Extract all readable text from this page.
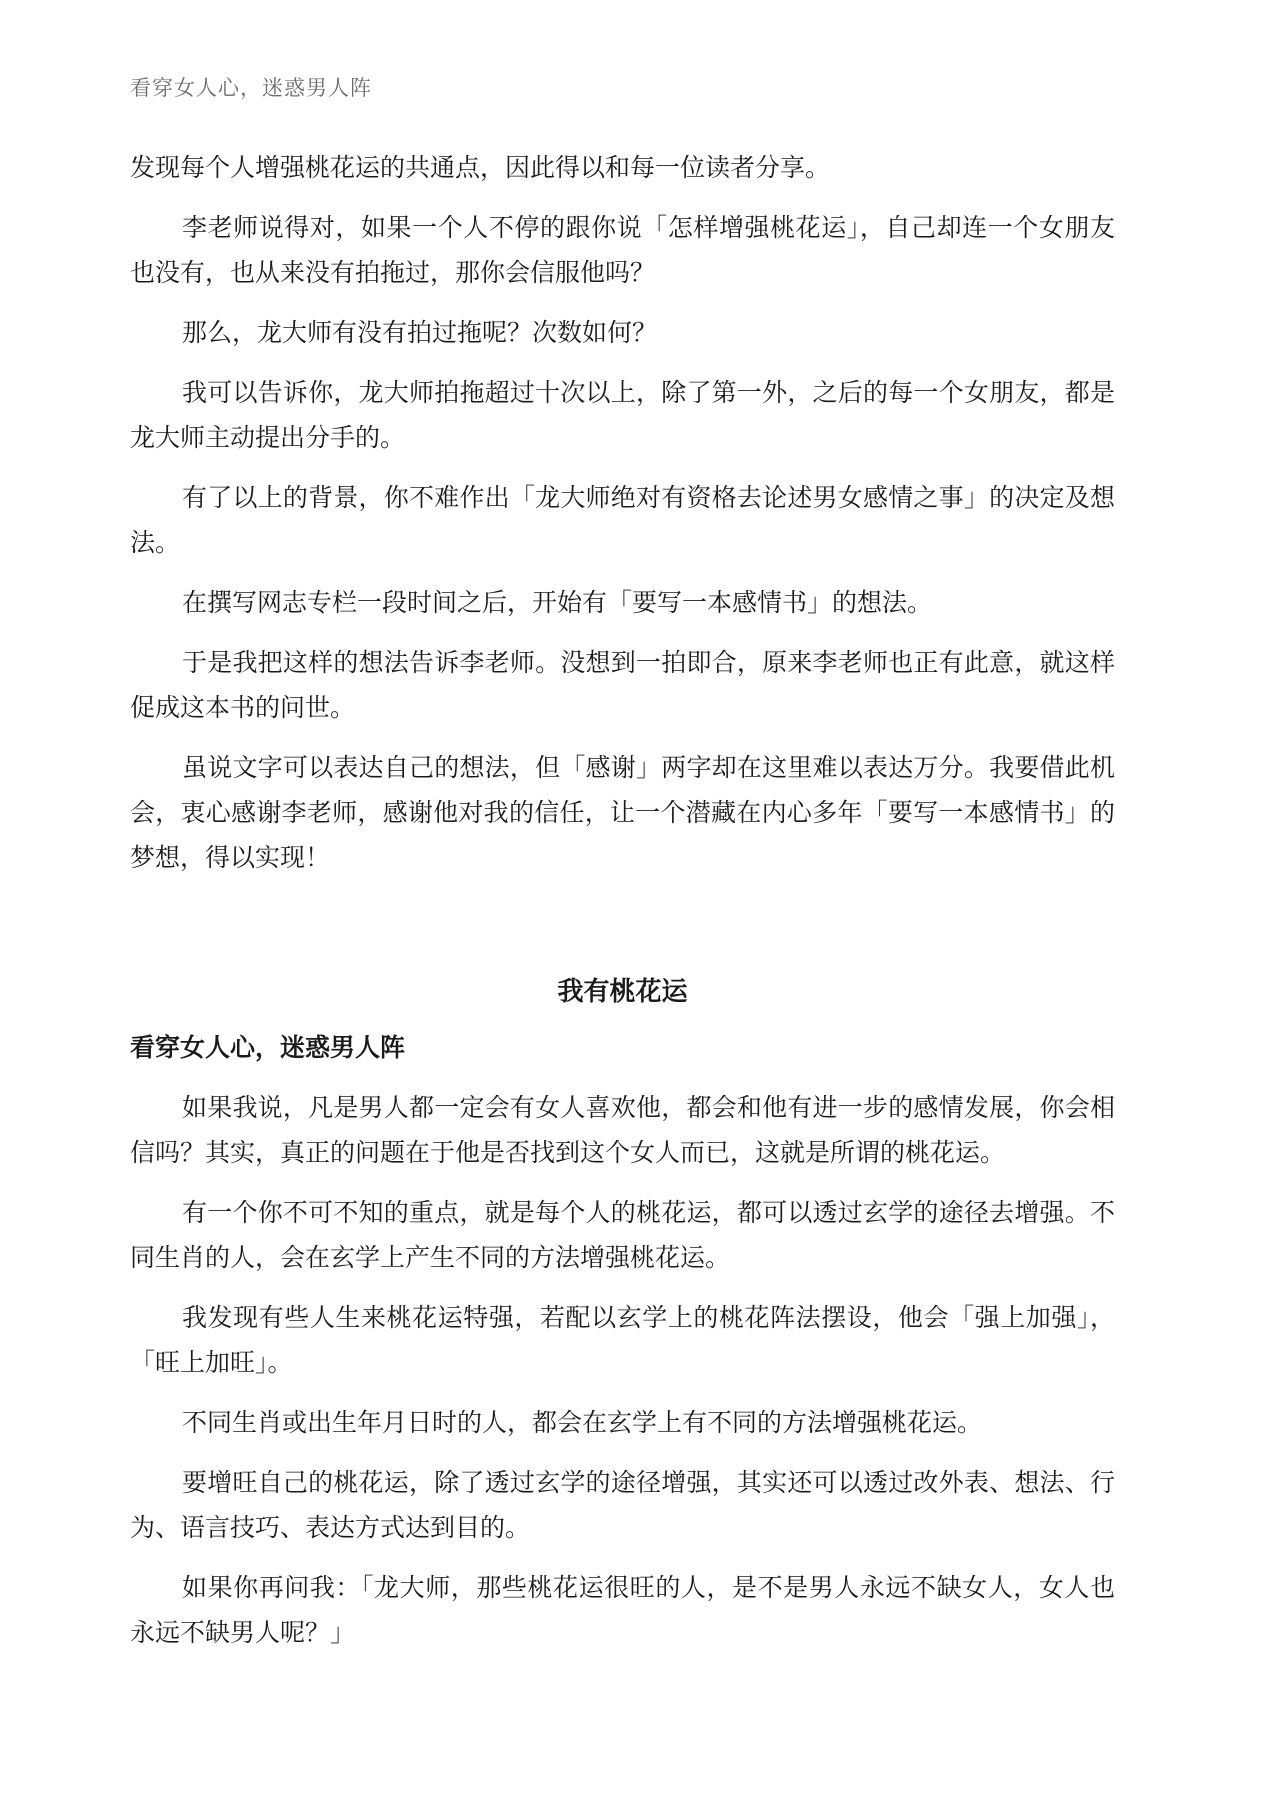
看穿女人心，迷惑男人阵

发现每个人增强桃花运的共通点，因此得以和每一位读者分享。

李老师说得对，如果一个人不停的跟你说「怎样增强桃花运」，自己却连一个女朋友也没有，也从来没有拍拖过，那你会信服他吗？

那么，龙大师有没有拍过拖呢？次数如何？

我可以告诉你，龙大师拍拖超过十次以上，除了第一外，之后的每一个女朋友，都是龙大师主动提出分手的。

有了以上的背景，你不难作出「龙大师绝对有资格去论述男女感情之事」的决定及想法。

在撰写网志专栏一段时间之后，开始有「要写一本感情书」的想法。

于是我把这样的想法告诉李老师。没想到一拍即合，原来李老师也正有此意，就这样促成这本书的问世。

虽说文字可以表达自己的想法，但「感谢」两字却在这里难以表达万分。我要借此机会，衷心感谢李老师，感谢他对我的信任，让一个潜藏在内心多年「要写一本感情书」的梦想，得以实现！

我有桃花运
看穿女人心，迷惑男人阵

如果我说，凡是男人都一定会有女人喜欢他，都会和他有进一步的感情发展，你会相信吗？其实，真正的问题在于他是否找到这个女人而已，这就是所谓的桃花运。

有一个你不可不知的重点，就是每个人的桃花运，都可以透过玄学的途径去增强。不同生肖的人，会在玄学上产生不同的方法增强桃花运。

我发现有些人生来桃花运特强，若配以玄学上的桃花阵法摆设，他会「强上加强」，「旺上加旺」。

不同生肖或出生年月日时的人，都会在玄学上有不同的方法增强桃花运。

要增旺自己的桃花运，除了透过玄学的途径增强，其实还可以透过改外表、想法、行为、语言技巧、表达方式达到目的。

如果你再问我：「龙大师，那些桃花运很旺的人，是不是男人永远不缺女人，女人也永远不缺男人呢？」
